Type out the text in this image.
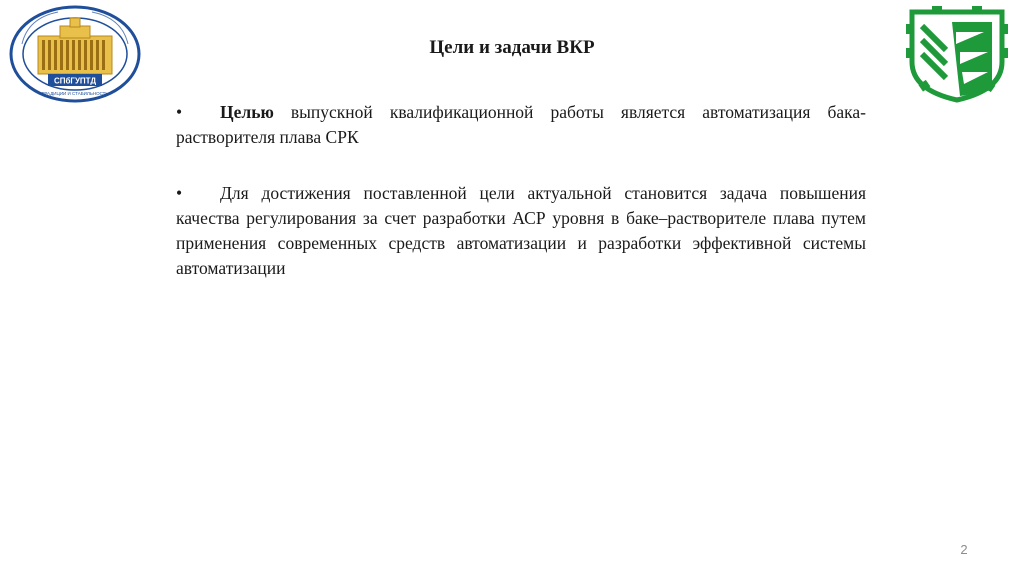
СПбГУПТД
ТРАДИЦИИ И СТАБИЛЬНОСТЬ
Цели и задачи ВКР

• Целью выпускной квалификационной работы является автоматизация бака-растворителя плава СРК

• Для достижения поставленной цели актуальной становится задача повышения качества регулирования за счет разработки АСР уровня в баке–растворителе плава путем применения современных средств автоматизации и разработки эффективной системы автоматизации

2
